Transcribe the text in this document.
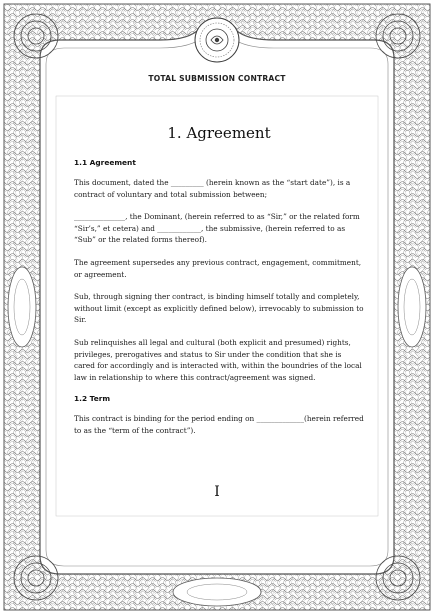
TOTAL SUBMISSION CONTRACT
1. Agreement
1.1 Agreement

This document, dated the _________ (herein known as the “start date”), is a contract of voluntary and total submission between;

______________, the Dominant, (herein referred to as “Sir,” or the related form “Sir’s,” et cetera) and ____________, the submissive, (herein referred to as “Sub” or the related forms thereof).

The agreement supersedes any previous contract, engagement, commitment, or agreement.

Sub, through signing ther contract, is binding himself totally and completely, without limit (except as explicitly defined below), irrevocably to submission to Sir.

Sub relinquishes all legal and cultural (both explicit and presumed) rights, privileges, prerogatives and status to Sir under the condition that she is cared for accordingly and is interacted with, within the boundries of the local law in relationship to where this contract/agreement was signed.

1.2 Term

This contract is binding for the period ending on _____________(herein referred to as the “term of the contract”).

I
